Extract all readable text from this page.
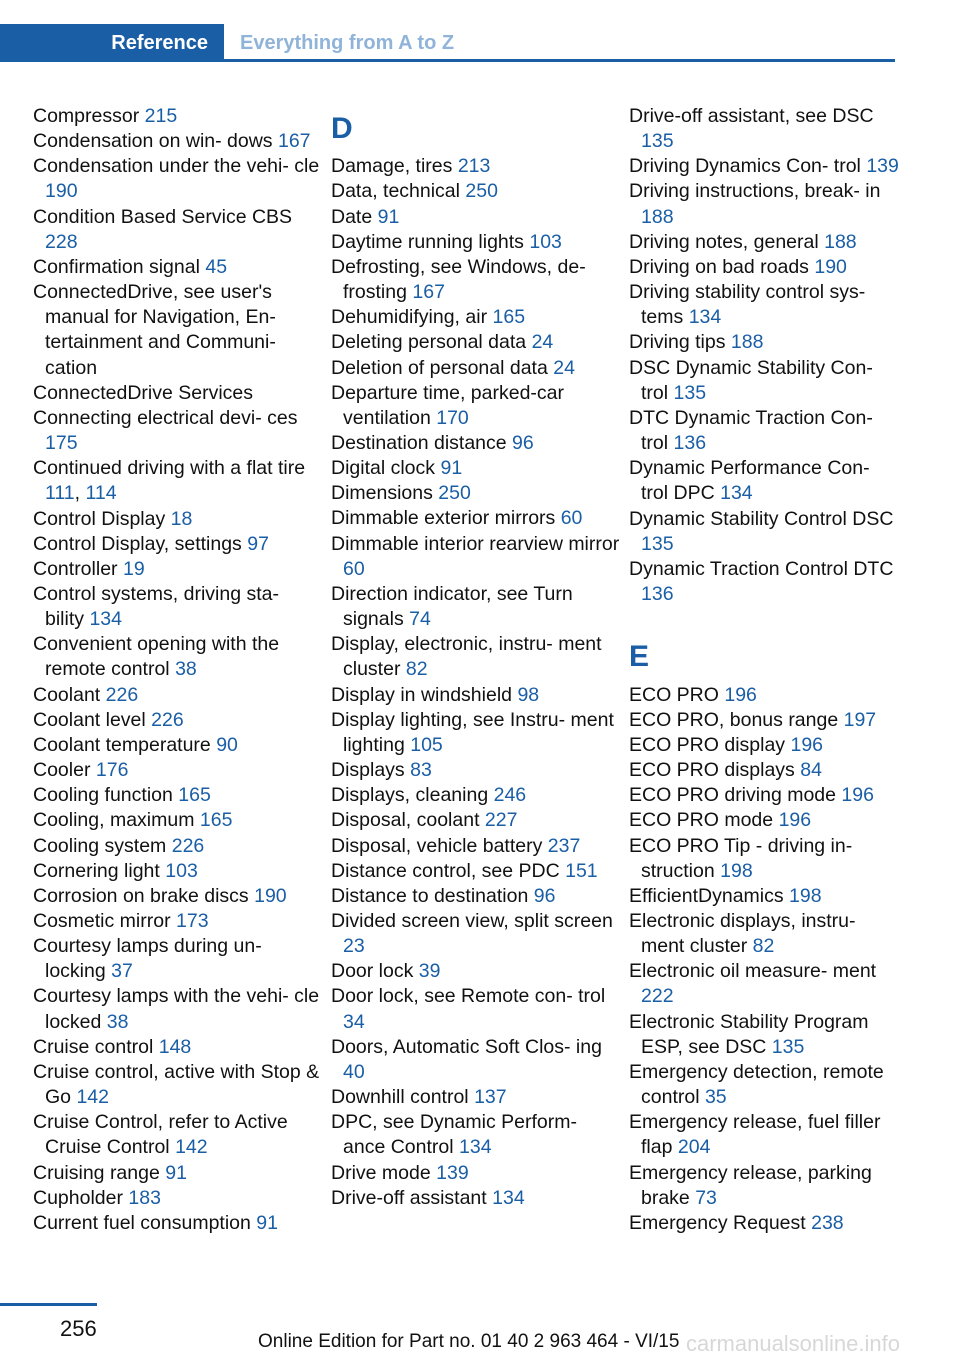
Reference	Everything from A to Z
Compressor 215
Condensation on win- dows 167
Condensation under the vehi- cle 190
Condition Based Service CBS 228
Confirmation signal 45
ConnectedDrive, see user's manual for Navigation, En- tertainment and Communi- cation
ConnectedDrive Services
Connecting electrical devi- ces 175
Continued driving with a flat tire 111, 114
Control Display 18
Control Display, settings 97
Controller 19
Control systems, driving sta- bility 134
Convenient opening with the remote control 38
Coolant 226
Coolant level 226
Coolant temperature 90
Cooler 176
Cooling function 165
Cooling, maximum 165
Cooling system 226
Cornering light 103
Corrosion on brake discs 190
Cosmetic mirror 173
Courtesy lamps during un- locking 37
Courtesy lamps with the vehi- cle locked 38
Cruise control 148
Cruise control, active with Stop & Go 142
Cruise Control, refer to Active Cruise Control 142
Cruising range 91
Cupholder 183
Current fuel consumption 91
D
Damage, tires 213
Data, technical 250
Date 91
Daytime running lights 103
Defrosting, see Windows, de- frosting 167
Dehumidifying, air 165
Deleting personal data 24
Deletion of personal data 24
Departure time, parked-car ventilation 170
Destination distance 96
Digital clock 91
Dimensions 250
Dimmable exterior mirrors 60
Dimmable interior rearview mirror 60
Direction indicator, see Turn signals 74
Display, electronic, instru- ment cluster 82
Display in windshield 98
Display lighting, see Instru- ment lighting 105
Displays 83
Displays, cleaning 246
Disposal, coolant 227
Disposal, vehicle battery 237
Distance control, see PDC 151
Distance to destination 96
Divided screen view, split screen 23
Door lock 39
Door lock, see Remote con- trol 34
Doors, Automatic Soft Clos- ing 40
Downhill control 137
DPC, see Dynamic Perform- ance Control 134
Drive mode 139
Drive-off assistant 134
Drive-off assistant, see DSC 135
Driving Dynamics Con- trol 139
Driving instructions, break- in 188
Driving notes, general 188
Driving on bad roads 190
Driving stability control sys- tems 134
Driving tips 188
DSC Dynamic Stability Con- trol 135
DTC Dynamic Traction Con- trol 136
Dynamic Performance Con- trol DPC 134
Dynamic Stability Control DSC 135
Dynamic Traction Control DTC 136
E
ECO PRO 196
ECO PRO, bonus range 197
ECO PRO display 196
ECO PRO displays 84
ECO PRO driving mode 196
ECO PRO mode 196
ECO PRO Tip - driving in- struction 198
EfficientDynamics 198
Electronic displays, instru- ment cluster 82
Electronic oil measure- ment 222
Electronic Stability Program ESP, see DSC 135
Emergency detection, remote control 35
Emergency release, fuel filler flap 204
Emergency release, parking brake 73
Emergency Request 238
256
Online Edition for Part no. 01 40 2 963 464 - VI/15 carmanualsonline.info
